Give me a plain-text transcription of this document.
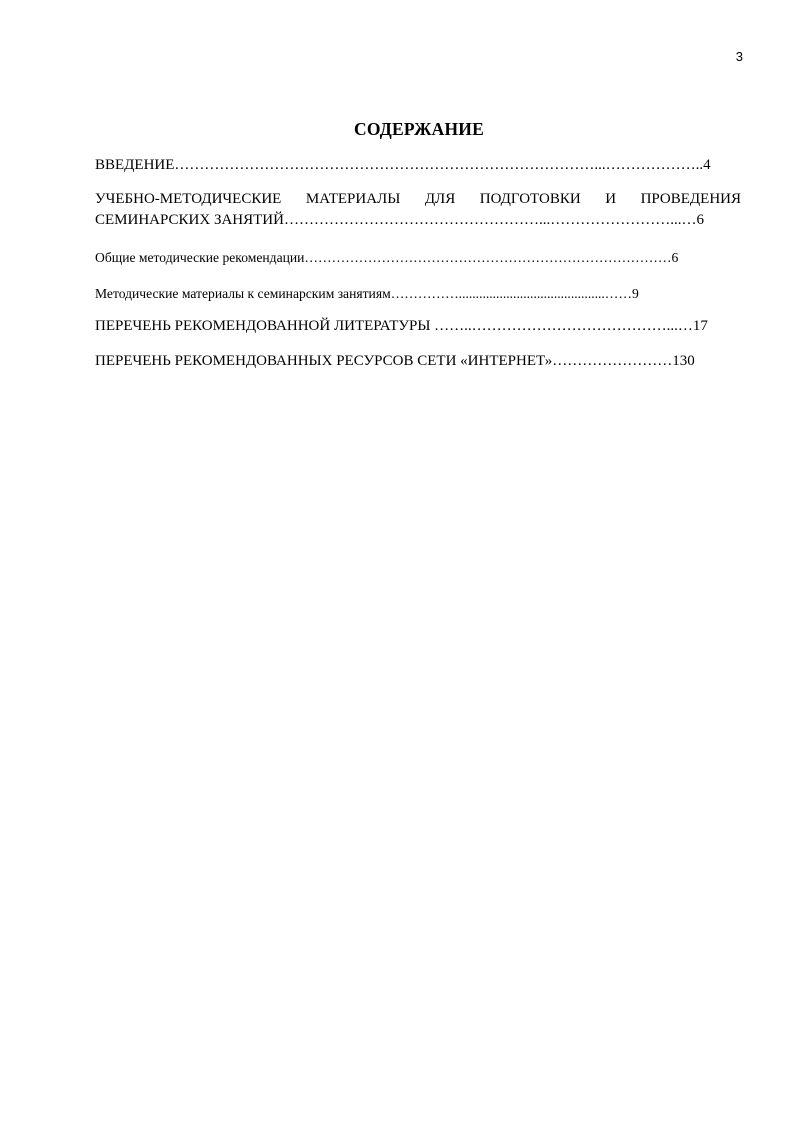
3
СОДЕРЖАНИЕ
ВВЕДЕНИЕ…………………………………………………………………………...………………..4
УЧЕБНО-МЕТОДИЧЕСКИЕ МАТЕРИАЛЫ ДЛЯ ПОДГОТОВКИ И ПРОВЕДЕНИЯ
СЕМИНАРСКИХ ЗАНЯТИЙ……………………………………………...……………………...…6
Общие методические рекомендации………………………………………………………………………6
Методические материалы к семинарским занятиям……………...........................................……9
ПЕРЕЧЕНЬ РЕКОМЕНДОВАННОЙ ЛИТЕРАТУРЫ ……..…………………………………...…17
ПЕРЕЧЕНЬ РЕКОМЕНДОВАННЫХ РЕСУРСОВ СЕТИ «ИНТЕРНЕТ»……………………130
